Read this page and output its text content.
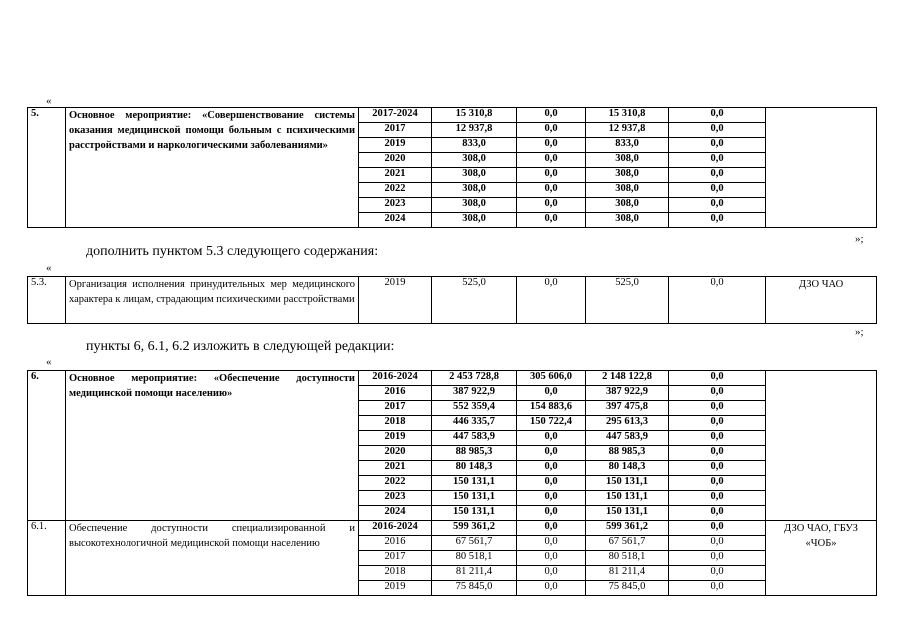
«
5.	Основное мероприятие: «Совершенствование системы оказания медицинской помощи больным с психическими расстройствами и наркологическими заболеваниями»	2017-2024	15 310,8	0,0	15 310,8	0,0	
		2017	12 937,8	0,0	12 937,8	0,0	
		2019	833,0	0,0	833,0	0,0	
		2020	308,0	0,0	308,0	0,0	
		2021	308,0	0,0	308,0	0,0	
		2022	308,0	0,0	308,0	0,0	
		2023	308,0	0,0	308,0	0,0	
		2024	308,0	0,0	308,0	0,0	
»;
дополнить пунктом 5.3 следующего содержания:
«
5.3.	Организация исполнения принудительных мер медицинского характера к лицам, страдающим психическими расстройствами	2019	525,0	0,0	525,0	0,0	ДЗО ЧАО
»;
пункты 6, 6.1, 6.2 изложить в следующей редакции:
«
6.	Основное мероприятие: «Обеспечение доступности медицинской помощи населению»	2016-2024	2 453 728,8	305 606,0	2 148 122,8	0,0	
		2016	387 922,9	0,0	387 922,9	0,0	
		2017	552 359,4	154 883,6	397 475,8	0,0	
		2018	446 335,7	150 722,4	295 613,3	0,0	
		2019	447 583,9	0,0	447 583,9	0,0	
		2020	88 985,3	0,0	88 985,3	0,0	
		2021	80 148,3	0,0	80 148,3	0,0	
		2022	150 131,1	0,0	150 131,1	0,0	
		2023	150 131,1	0,0	150 131,1	0,0	
		2024	150 131,1	0,0	150 131,1	0,0	
6.1.	Обеспечение доступности специализированной и высокотехнологичной медицинской помощи населению	2016-2024	599 361,2	0,0	599 361,2	0,0	ДЗО ЧАО, ГБУЗ «ЧОБ»
		2016	67 561,7	0,0	67 561,7	0,0	
		2017	80 518,1	0,0	80 518,1	0,0	
		2018	81 211,4	0,0	81 211,4	0,0	
		2019	75 845,0	0,0	75 845,0	0,0	
